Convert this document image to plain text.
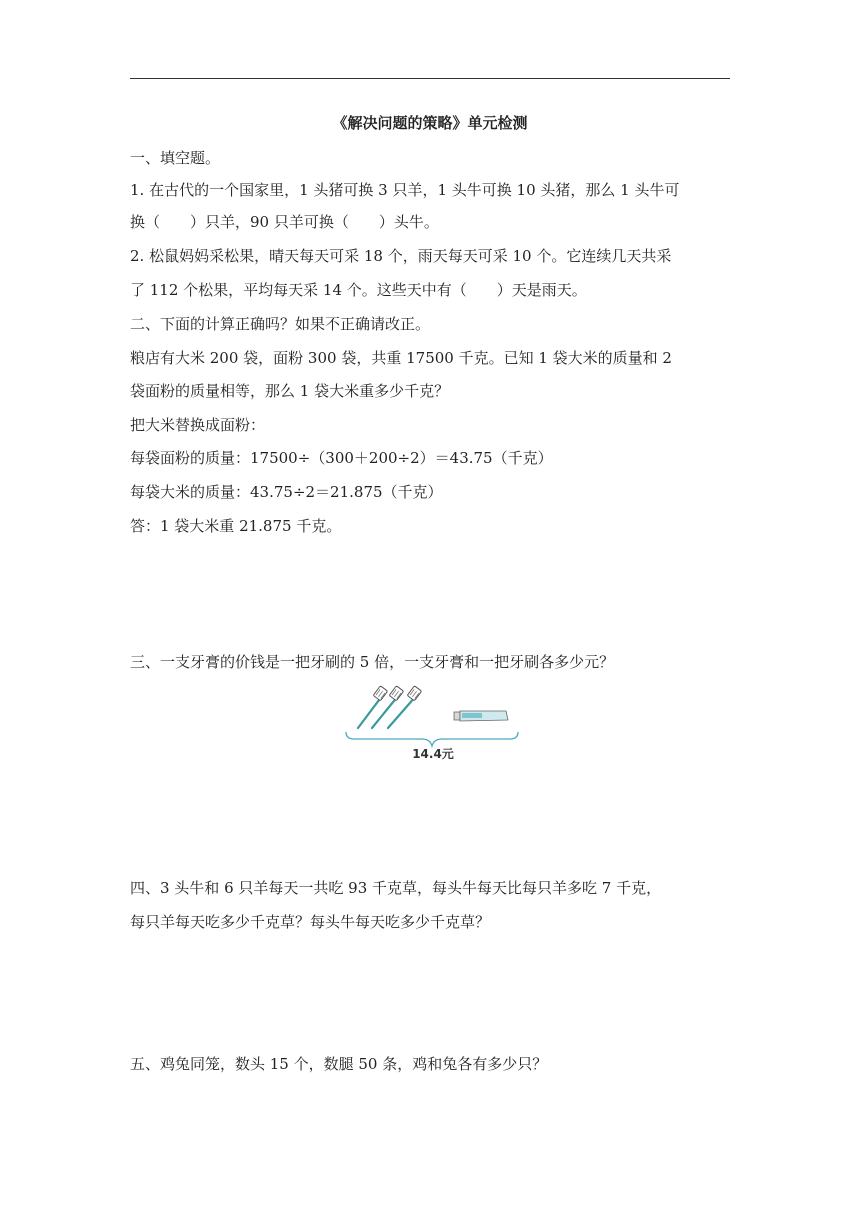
《解决问题的策略》单元检测
一、填空题。
1. 在古代的一个国家里，1 头猪可换 3 只羊，1 头牛可换 10 头猪，那么 1 头牛可
换（　　）只羊，90 只羊可换（　　）头牛。
2. 松鼠妈妈采松果，晴天每天可采 18 个，雨天每天可采 10 个。它连续几天共采
了 112 个松果，平均每天采 14 个。这些天中有（　　）天是雨天。
二、下面的计算正确吗？如果不正确请改正。
粮店有大米 200 袋，面粉 300 袋，共重 17500 千克。已知 1 袋大米的质量和 2
袋面粉的质量相等，那么 1 袋大米重多少千克？
把大米替换成面粉：
每袋面粉的质量：17500÷（300＋200÷2）＝43.75（千克）
每袋大米的质量：43.75÷2＝21.875（千克）
答：1 袋大米重 21.875 千克。
三、一支牙膏的价钱是一把牙刷的 5 倍，一支牙膏和一把牙刷各多少元？
14.4元
四、3 头牛和 6 只羊每天一共吃 93 千克草，每头牛每天比每只羊多吃 7 千克，
每只羊每天吃多少千克草？每头牛每天吃多少千克草？
五、鸡兔同笼，数头 15 个，数腿 50 条，鸡和兔各有多少只？
